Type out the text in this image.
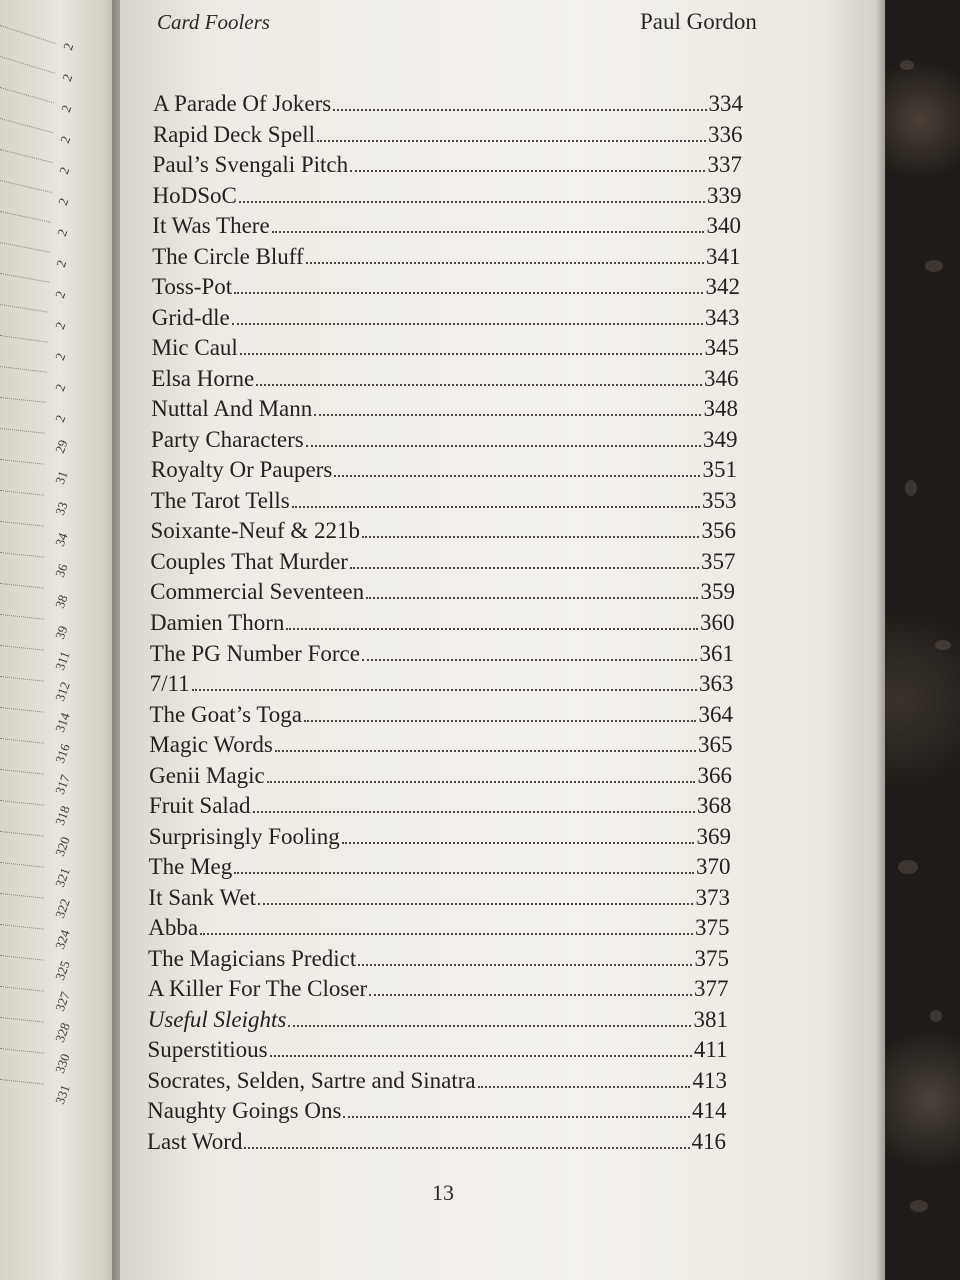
2
2
2
2
2
2
2
2
2
2
2
2
2
29
31
33
34
36
38
39
311
312
314
316
317
318
320
321
322
324
325
327
328
330
331
Card Foolers	Paul Gordon
A Parade Of Jokers	334
Rapid Deck Spell	336
Paul’s Svengali Pitch	337
HoDSoC	339
It Was There	340
The Circle Bluff	341
Toss-Pot	342
Grid-dle	343
Mic Caul	345
Elsa Horne	346
Nuttal And Mann	348
Party Characters	349
Royalty Or Paupers	351
The Tarot Tells	353
Soixante-Neuf & 221b	356
Couples That Murder	357
Commercial Seventeen	359
Damien Thorn	360
The PG Number Force	361
7/11	363
The Goat’s Toga	364
Magic Words	365
Genii Magic	366
Fruit Salad	368
Surprisingly Fooling	369
The Meg	370
It Sank Wet	373
Abba	375
The Magicians Predict	375
A Killer For The Closer	377
Useful Sleights	381
Superstitious	411
Socrates, Selden, Sartre and Sinatra	413
Naughty Goings Ons	414
Last Word	416
13
